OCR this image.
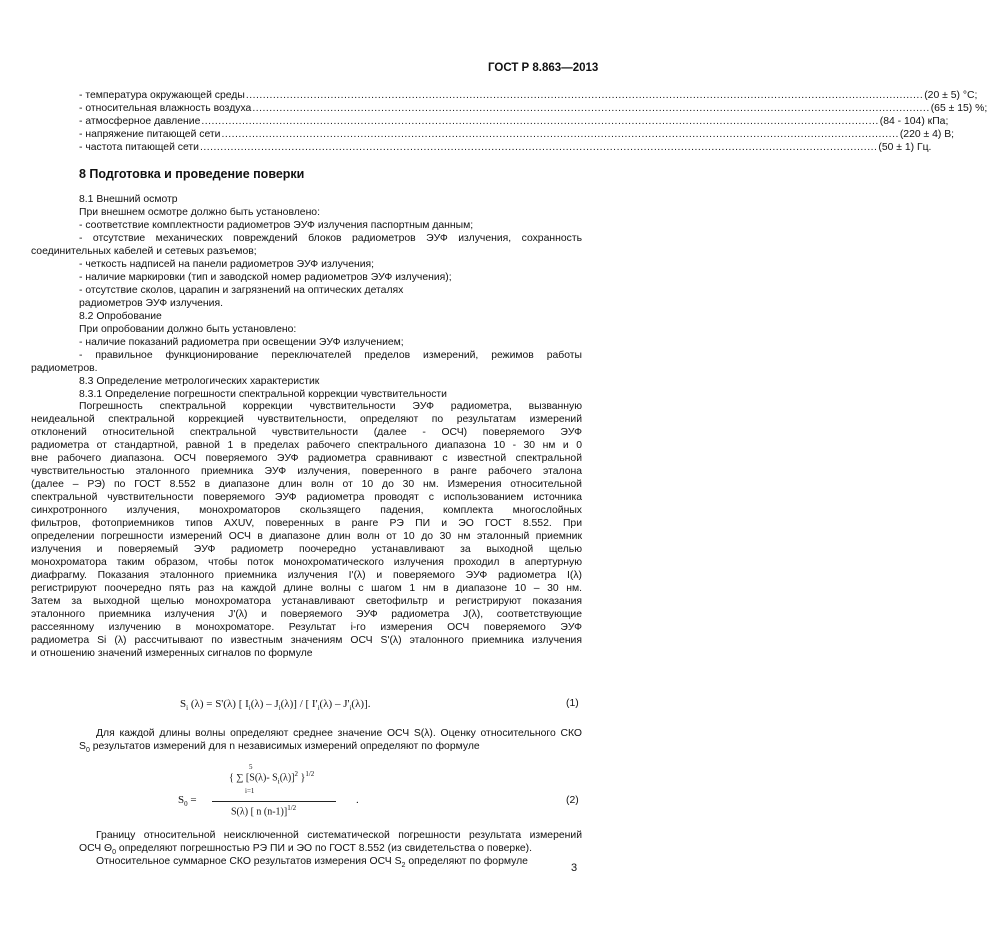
ГОСТ Р 8.863—2013
- температура окружающей среды ........................................................................................................................................................................................................ (20 ± 5) °С;
- относительная влажность воздуха ........................................................................................................................................................................................................ (65 ± 15) %;
- атмосферное давление ........................................................................................................................................................................................................ (84 - 104) кПа;
- напряжение питающей сети ........................................................................................................................................................................................................ (220 ± 4) В;
- частота питающей сети ........................................................................................................................................................................................................ (50 ± 1) Гц.
8 Подготовка и проведение поверки
8.1 Внешний осмотр
При внешнем осмотре должно быть установлено:
- соответствие комплектности радиометров ЭУФ излучения паспортным данным;
- отсутствие механических повреждений блоков радиометров ЭУФ излучения, сохранность
соединительных кабелей и сетевых разъемов;
- четкость надписей на панели радиометров ЭУФ излучения;
- наличие маркировки (тип и заводской номер радиометров ЭУФ излучения);
- отсутствие сколов, царапин и загрязнений на оптических деталях
радиометров ЭУФ излучения.
8.2 Опробование
При опробовании должно быть установлено:
- наличие показаний радиометра при освещении ЭУФ излучением;
- правильное функционирование переключателей пределов измерений, режимов работы
радиометров.
8.3 Определение метрологических характеристик
8.3.1 Определение погрешности спектральной коррекции чувствительности
Погрешность спектральной коррекции чувствительности ЭУФ радиометра, вызванную
неидеальной спектральной коррекцией чувствительности, определяют по результатам измерений
отклонений относительной спектральной чувствительности (далее - ОСЧ) поверяемого ЭУФ
радиометра от стандартной, равной 1 в пределах рабочего спектрального диапазона 10 - 30 нм и 0
вне рабочего диапазона. ОСЧ поверяемого ЭУФ радиометра сравнивают с известной спектральной
чувствительностью эталонного приемника ЭУФ излучения, поверенного в ранге рабочего эталона
(далее – РЭ) по ГОСТ 8.552 в диапазоне длин волн от 10 до 30 нм. Измерения относительной
спектральной чувствительности поверяемого ЭУФ радиометра проводят с использованием источника
синхротронного излучения, монохроматоров скользящего падения, комплекта многослойных
фильтров, фотоприемников типов AXUV, поверенных в ранге РЭ ПИ и ЭО ГОСТ 8.552. При
определении погрешности измерений ОСЧ в диапазоне длин волн от 10 до 30 нм эталонный приемник
излучения и поверяемый ЭУФ радиометр поочередно устанавливают за выходной щелью
монохроматора таким образом, чтобы поток монохроматического излучения проходил в апертурную
диафрагму. Показания эталонного приемника излучения I'(λ) и поверяемого ЭУФ радиометра I(λ)
регистрируют поочередно пять раз на каждой длине волны с шагом 1 нм в диапазоне 10 – 30 нм.
Затем за выходной щелью монохроматора устанавливают светофильтр и регистрируют показания
эталонного приемника излучения J'(λ) и поверяемого ЭУФ радиометра J(λ), соответствующие
рассеянному излучению в монохроматоре. Результат i-го измерения ОСЧ поверяемого ЭУФ
радиометра Si (λ) рассчитывают по известным значениям ОСЧ S'(λ) эталонного приемника излучения
и отношению значений измеренных сигналов по формуле
$S_i$ (λ) = S'(λ) [ $I_i(\lambda) - J_i(\lambda)$] / [ $I'_i(\lambda) - J'_i(\lambda)$].	(1)
Для каждой длины волны определяют среднее значение ОСЧ S(λ). Оценку относительного СКО
$S_0$ результатов измерений для n независимых измерений определяют по формуле
5
{ ∑ [S(λ)- $S_i(\lambda)]^2$ }$^{1/2}$
i=1
$S_0$ =
S(λ) [ n (n-1)]$^{1/2}$
.	(2)
Границу относительной неисключенной систематической погрешности результата измерений
ОСЧ $\Theta_0$ определяют погрешностью РЭ ПИ и ЭО по ГОСТ 8.552 (из свидетельства о поверке).
Относительное суммарное СКО результатов измерения ОСЧ $S_2$ определяют по формуле
3
